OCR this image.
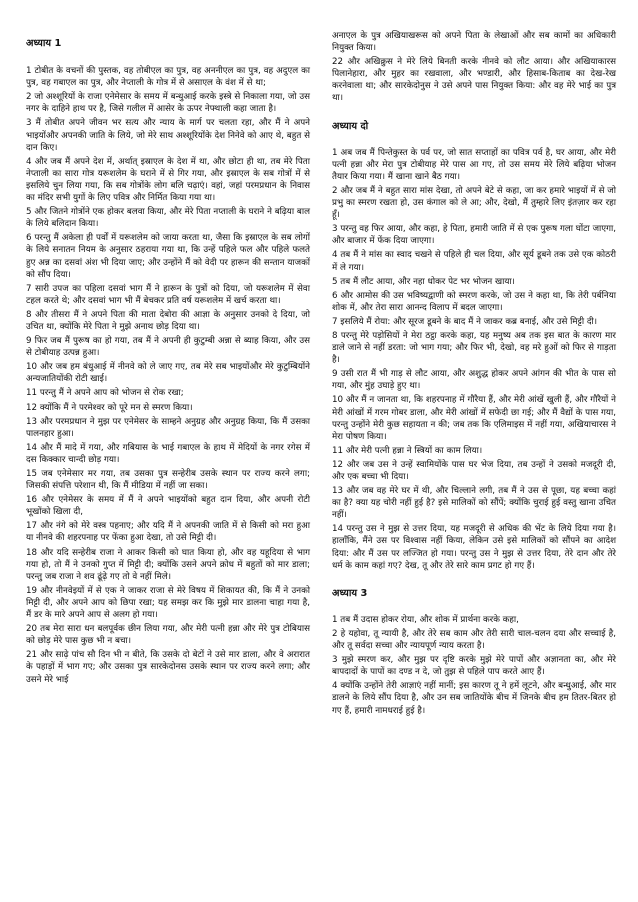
अध्याय 1

1 टोबीत के वचनों की पुस्तक, वह तोबीएल का पुत्र, वह अननीएल का पुत्र, वह अदुएल का पुत्र, वह गबाएल का पुत्र, और नेप्ताली के गोत्र में से असाएल के वंश में से था;

2 जो अश्शूरियों के राजा एनेमेसार के समय में बन्धुआई करके इस्त्रे से निकाला गया, जो उस नगर के दाहिने हाथ पर है, जिसे गलील में आसेर के ऊपर नेफ्थाली कहा जाता है।

3 मैं तोबीत अपने जीवन भर सत्य और न्याय के मार्ग पर चलता रहा, और मैं ने अपने भाइयोंऔर अपनकी जाति के लिये, जो मेरे साथ अश्शूरियोंके देश निनेवे को आए थे, बहुत से दान किए।

4 और जब मैं अपने देश में, अर्थात् इस्राएल के देश में था, और छोटा ही था, तब मेरे पिता नेप्ताली का सारा गोत्र यरूशलेम के घराने में से गिर गया, और इस्राएल के सब गोत्रों में से इसलिये चुन लिया गया, कि सब गोत्रोंके लोग बलि चढ़ाएं। वहां, जहां परमप्रधान के निवास का मंदिर सभी युगों के लिए पवित्र और निर्मित किया गया था।

5 और जितने गोत्रोंने एक होकर बलवा किया, और मेरे पिता नप्ताली के घराने ने बढ़िया बाल के लिये बलिदान किया।

6 परन्तु मैं अकेला ही पर्वों में यरूशलेम को जाया करता था, जैसा कि इस्राएल के सब लोगों के लिये सनातन नियम के अनुसार ठहराया गया था, कि उन्हें पहिले फल और पहिले फलते हुए अन्न का दसवां अंश भी दिया जाए; और उन्होंने मैं को वेदी पर हारून की सन्तान याजकों को सौंप दिया।

7 सारी उपज का पहिला दसवां भाग मैं ने हारून के पुत्रों को दिया, जो यरूशलेम में सेवा टहल करते थे; और दसवां भाग भी मैं बेचकर प्रति वर्ष यरूशलेम में खर्च करता था।

8 और तीसरा मैं ने अपने पिता की माता देबोरा की आज्ञा के अनुसार उनको दे दिया, जो उचित था, क्योंकि मेरे पिता ने मुझे अनाथ छोड़ दिया था।

9 फिर जब मैं पुरूष का हो गया, तब मैं ने अपनी ही कुटुम्बी अन्ना से ब्याह किया, और उस से टोबीयाह उत्पन्न हुआ।

10 और जब हम बंधुआई में नीनवे को ले जाए गए, तब मेरे सब भाइयोंऔर मेरे कुटुम्बियोंने अन्यजातियोंकी रोटी खाई।

11 परन्तु मैं ने अपने आप को भोजन से रोक रखा;

12 क्योंकि मैं ने परमेश्वर को पूरे मन से स्मरण किया।

13 और परमप्रधान ने मुझ पर एनेमेसर के साम्हने अनुग्रह और अनुग्रह किया, कि मैं उसका पालनहार हुआ।

14 और मैं मादे में गया, और गबियास के भाई गबाएल के हाथ में मेदियों के नगर रगेस में दस किक्कार चान्दी छोड़ गया।

15 जब एनेमेसार मर गया, तब उसका पुत्र सन्हेरीब उसके स्थान पर राज्य करने लगा; जिसकी संपत्ति परेशान थी, कि मैं मीडिया में नहीं जा सका।

16 और एनेमेसर के समय में मैं ने अपने भाइयोंको बहुत दान दिया, और अपनी रोटी भूखोंको खिला दी,

17 और नंगे को मेरे वस्त्र पहनाए; और यदि मैं ने अपनकी जाति में से किसी को मरा हुआ या नीनवे की शहरपनाह पर फेंका हुआ देखा, तो उसे मिट्टी दी।

18 और यदि सन्हेरीब राजा ने आकर किसी को घात किया हो, और वह यहूदिया से भाग गया हो, तो मैं ने उनको गुप्त में मिट्टी दी; क्योंकि उसने अपने क्रोध में बहुतों को मार डाला; परन्तु जब राजा ने शव ढूंढ़े गए तो वे नहीं मिले।

19 और नीनवेइयों में से एक ने जाकर राजा से मेरे विषय में शिकायत की, कि मैं ने उनको मिट्टी दी, और अपने आप को छिपा रखा; यह समझ कर कि मुझे मार डालना चाहा गया है, मैं डर के मारे अपने आप से अलग हो गया।

20 तब मेरा सारा धन बलपूर्वक छीन लिया गया, और मेरी पत्नी हन्ना और मेरे पुत्र टोबियास को छोड़ मेरे पास कुछ भी न बचा।

21 और साढ़े पांच सौ दिन भी न बीते, कि उसके दो बेटों ने उसे मार डाला, और वे अरारात के पहाड़ों में भाग गए; और उसका पुत्र सारकेदोनस उसके स्थान पर राज्य करने लगा; और उसने मेरे भाई

अनाएल के पुत्र अखियाखरूस को अपने पिता के लेखाओं और सब कामों का अधिकारी नियुक्त किया।

22 और अखिक्रुस ने मेरे लिये बिनती करके नीनवे को लौट आया। और अखियाकारस पिलानेहारा, और मुहर का रखवाला, और भण्डारी, और हिसाब-किताब का देख-रेख करनेवाला था; और सारकेदोनुस ने उसे अपने पास नियुक्त किया: और वह मेरे भाई का पुत्र था।

अध्याय दो

1 अब जब मैं पिन्तेकुस्त के पर्व पर, जो सात सप्ताहों का पवित्र पर्व है, घर आया, और मेरी पत्नी हन्ना और मेरा पुत्र टोबीयाह मेरे पास आ गए, तो उस समय मेरे लिये बढ़िया भोजन तैयार किया गया। मैं खाना खाने बैठ गया।

2 और जब मैं ने बहुत सारा मांस देखा, तो अपने बेटे से कहा, जा कर हमारे भाइयों में से जो प्रभु का स्मरण रखता हो, उस कंगाल को ले आ; और, देखो, मैं तुम्हारे लिए इंतज़ार कर रहा हूँ।

3 परन्तु वह फिर आया, और कहा, हे पिता, हमारी जाति में से एक पुरूष गला घोंटा जाएगा, और बाजार में फेंक दिया जाएगा।

4 तब मैं ने मांस का स्वाद चखने से पहिले ही चल दिया, और सूर्य डूबने तक उसे एक कोठरी में ले गया।

5 तब मैं लौट आया, और नहा धोकर पेट भर भोजन खाया।

6 और आमोस की उस भविष्यद्वाणी को स्मरण करके, जो उस ने कहा था, कि तेरी पर्बनिया शोक में, और तेरा सारा आनन्द विलाप में बदल जाएगा।

7 इसलिये मैं रोया: और सूरज डूबने के बाद मैं ने जाकर कब्र बनाई, और उसे मिट्टी दी।

8 परन्तु मेरे पड़ोसियों ने मेरा ठट्ठा करके कहा, यह मनुष्य अब तक इस बात के कारण मार डाले जाने से नहीं डरता: जो भाग गया; और फिर भी, देखो, वह मरे हुओं को फिर से गाड़ता है।

9 उसी रात मैं भी गाड़ से लौट आया, और अशुद्ध होकर अपने आंगन की भीत के पास सो गया, और मुंह उघाड़े हुए था।

10 और मैं न जानता था, कि शहरपनाह में गौरैया हैं, और मेरी आंखें खुली हैं, और गौरैयों ने मेरी आंखों में गरम गोबर डाला, और मेरी आंखों में सफेदी छा गई; और मैं वैद्यों के पास गया, परन्तु उन्होंने मेरी कुछ सहायता न की; जब तक कि एलिमाइस में नहीं गया, अखियाचारस ने मेरा पोषण किया।

11 और मेरी पत्नी हन्ना ने स्त्रियों का काम लिया।

12 और जब उस ने उन्हें स्वामियोंके पास घर भेज दिया, तब उन्हों ने उसको मजदूरी दी, और एक बच्चा भी दिया।

13 और जब वह मेरे घर में थी, और चिल्लाने लगी, तब मैं ने उस से पूछा, यह बच्चा कहां का है? क्या यह चोरी नहीं हुई है? इसे मालिकों को सौंपें; क्योंकि चुराई हुई वस्तु खाना उचित नहीं।

14 परन्तु उस ने मुझ से उत्तर दिया, यह मजदूरी से अधिक की भेंट के लिये दिया गया है। हालाँकि, मैंने उस पर विश्वास नहीं किया, लेकिन उसे इसे मालिकों को सौंपने का आदेश दिया: और मैं उस पर लज्जित हो गया। परन्तु उस ने मुझ से उत्तर दिया, तेरे दान और तेरे धर्म के काम कहां गए? देख, तू और तेरे सारे काम प्रगट हो गए हैं।

अध्याय 3

1 तब मैं उदास होकर रोया, और शोक में प्रार्थना करके कहा,

2 हे यहोवा, तू न्यायी है, और तेरे सब काम और तेरी सारी चाल-चलन दया और सच्चाई है, और तू सर्वदा सच्चा और न्यायपूर्ण न्याय करता है।

3 मुझे स्मरण कर, और मुझ पर दृष्टि करके मुझे मेरे पापों और अज्ञानता का, और मेरे बापदादों के पापों का दण्ड न दे, जो तुझ से पहिले पाप करते आए हैं।

4 क्योंकि उन्होंने तेरी आज्ञाएं नहीं मानीं; इस कारण तू ने हमें लूटने, और बन्धुआई, और मार डालने के लिये सौंप दिया है, और उन सब जातियोंके बीच में जिनके बीच हम तितर-बितर हो गए हैं, हमारी नामधराई हुई है।
